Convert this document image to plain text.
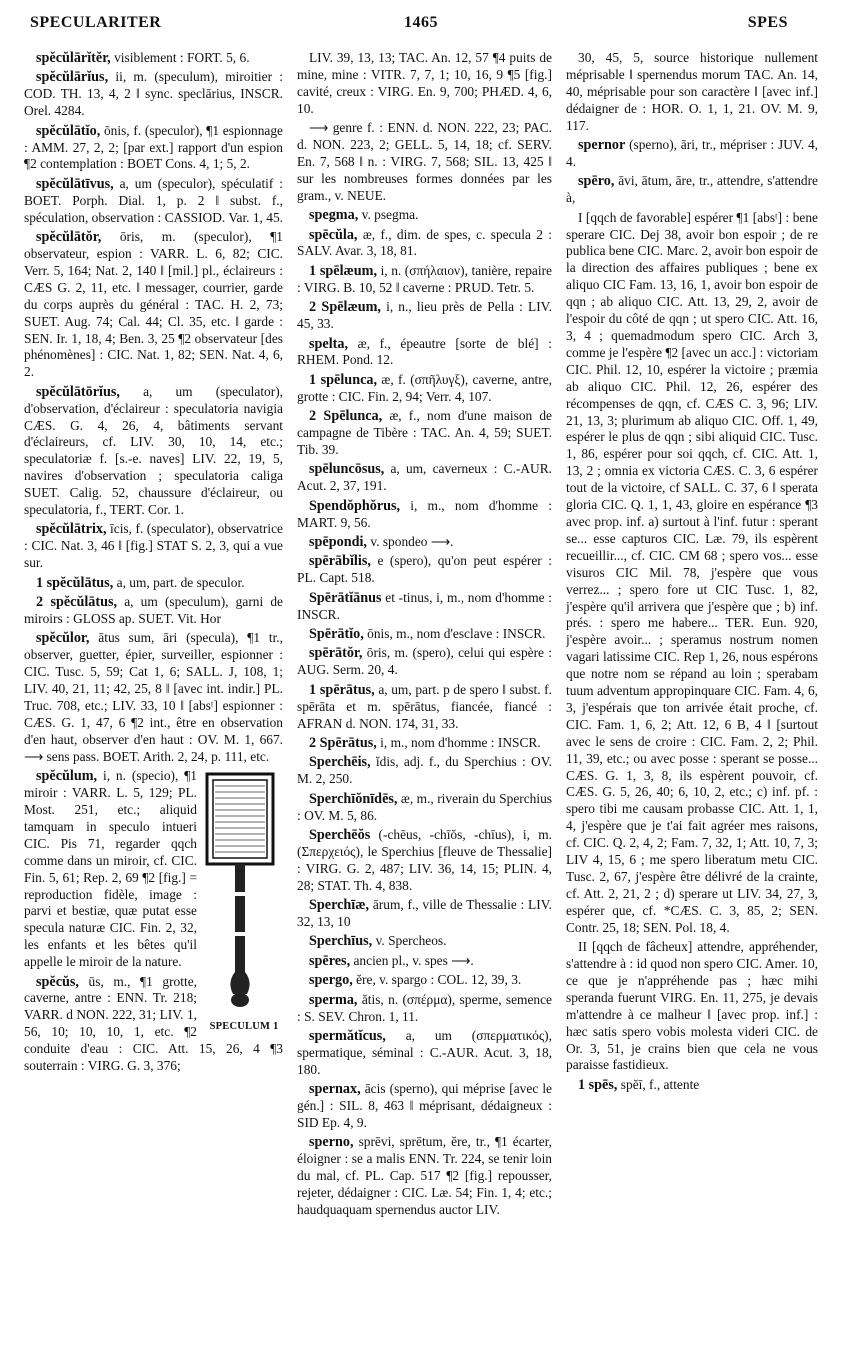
SPECULARITER	1465	SPES

spĕcŭlārĭtĕr, visiblement : FORT. 5, 6.

spĕcŭlārĭus, ii, m. (speculum), miroitier : COD. TH. 13, 4, 2 ‖ sync. speclārius, INSCR. Orel. 4284.

spĕcŭlātĭo, ōnis, f. (speculor), ¶1 espionnage : AMM. 27, 2, 2; [par ext.] rapport d'un espion ¶2 contemplation : BOET Cons. 4, 1; 5, 2.

spĕcŭlātīvus, a, um (speculor), spéculatif : BOET. Porph. Dial. 1, p. 2 ‖ subst. f., spéculation, observation : CASSIOD. Var. 1, 45.

spĕcŭlātŏr, ōris, m. (speculor), ¶1 observateur, espion : VARR. L. 6, 82; CIC. Verr. 5, 164; Nat. 2, 140 ‖ [mil.] pl., éclaireurs : CÆS G. 2, 11, etc. ‖ messager, courrier, garde du corps auprès du général : TAC. H. 2, 73; SUET. Aug. 74; Cal. 44; Cl. 35, etc. ‖ garde : SEN. Ir. 1, 18, 4; Ben. 3, 25 ¶2 observateur [des phénomènes] : CIC. Nat. 1, 82; SEN. Nat. 4, 6, 2.

spĕcŭlātōrĭus, a, um (speculator), d'observation, d'éclaireur : speculatoria navigia CÆS. G. 4, 26, 4, bâtiments servant d'éclaireurs, cf. LIV. 30, 10, 14, etc.; speculatoriæ f. [s.-e. naves] LIV. 22, 19, 5, navires d'observation ; speculatoria caliga SUET. Calig. 52, chaussure d'éclaireur, ou speculatoria, f., TERT. Cor. 1.

spĕcŭlātrix, īcis, f. (speculator), observatrice : CIC. Nat. 3, 46 ‖ [fig.] STAT S. 2, 3, qui a vue sur.

1 spĕcŭlātus, a, um, part. de speculor.

2 spĕcŭlātus, a, um (speculum), garni de miroirs : GLOSS ap. SUET. Vit. Hor

spĕcŭlor, ātus sum, āri (specula), ¶1 tr., observer, guetter, épier, surveiller, espionner : CIC. Tusc. 5, 59; Cat 1, 6; SALL. J, 108, 1; LIV. 40, 21, 11; 42, 25, 8 ‖ [avec int. indir.] PL. Truc. 708, etc.; LIV. 33, 10 ‖ [absᵗ] espionner : CÆS. G. 1, 47, 6 ¶2 int., être en observation d'en haut, observer d'en haut : OV. M. 1, 667. ⟶ sens pass. BOET. Arith. 2, 24, p. 111, etc.

SPECULUM 1
spĕcŭlum, i, n. (specio), ¶1 miroir : VARR. L. 5, 129; PL. Most. 251, etc.; aliquid tamquam in speculo intueri CIC. Pis 71, regarder qqch comme dans un miroir, cf. CIC. Fin. 5, 61; Rep. 2, 69 ¶2 [fig.] = reproduction fidèle, image : parvi et bestiæ, quæ putat esse specula naturæ CIC. Fin. 2, 32, les enfants et les bêtes qu'il appelle le miroir de la nature.

spĕcŭs, ūs, m., ¶1 grotte, caverne, antre : ENN. Tr. 218; VARR. d NON. 222, 31; LIV. 1, 56, 10; 10, 10, 1, etc. ¶2 conduite d'eau : CIC. Att. 15, 26, 4 ¶3 souterrain : VIRG. G. 3, 376;

LIV. 39, 13, 13; TAC. An. 12, 57 ¶4 puits de mine, mine : VITR. 7, 7, 1; 10, 16, 9 ¶5 [fig.] cavité, creux : VIRG. En. 9, 700; PHÆD. 4, 6, 10.

⟶ genre f. : ENN. d. NON. 222, 23; PAC. d. NON. 223, 2; GELL. 5, 14, 18; cf. SERV. En. 7, 568 ‖ n. : VIRG. 7, 568; SIL. 13, 425 ‖ sur les nombreuses formes données par les gram., v. NEUE.

spegma, v. psegma.

spēcŭla, æ, f., dim. de spes, c. specula 2 : SALV. Avar. 3, 18, 81.

1 spēlæum, i, n. (σπήλαιον), tanière, repaire : VIRG. B. 10, 52 ‖ caverne : PRUD. Tetr. 5.

2 Spēlæum, i, n., lieu près de Pella : LIV. 45, 33.

spelta, æ, f., épeautre [sorte de blé] : RHEM. Pond. 12.

1 spēlunca, æ, f. (σπῆλυγξ), caverne, antre, grotte : CIC. Fin. 2, 94; Verr. 4, 107.

2 Spēlunca, æ, f., nom d'une maison de campagne de Tibère : TAC. An. 4, 59; SUET. Tib. 39.

spēluncōsus, a, um, caverneux : C.-AUR. Acut. 2, 37, 191.

Spendŏphŏrus, i, m., nom d'homme : MART. 9, 56.

spēpondi, v. spondeo ⟶.

spērābĭlis, e (spero), qu'on peut espérer : PL. Capt. 518.

Spērātĭānus et -tinus, i, m., nom d'homme : INSCR.

Spērātĭo, ōnis, m., nom d'esclave : INSCR.

spērātŏr, ōris, m. (spero), celui qui espère : AUG. Serm. 20, 4.

1 spērātus, a, um, part. p de spero ‖ subst. f. spērāta et m. spērātus, fiancée, fiancé : AFRAN d. NON. 174, 31, 33.

2 Spērātus, i, m., nom d'homme : INSCR.

Sperchēis, ĭdis, adj. f., du Sperchius : OV. M. 2, 250.

Sperchīŏnīdēs, æ, m., riverain du Sperchius : OV. M. 5, 86.

Sperchēŏs (-chēus, -chīŏs, -chīus), i, m. (Σπερχειός), le Sperchius [fleuve de Thessalie] : VIRG. G. 2, 487; LIV. 36, 14, 15; PLIN. 4, 28; STAT. Th. 4, 838.

Sperchīæ, ārum, f., ville de Thessalie : LIV. 32, 13, 10

Sperchīus, v. Spercheos.

spēres, ancien pl., v. spes ⟶.

spergo, ĕre, v. spargo : COL. 12, 39, 3.

sperma, ătis, n. (σπέρμα), sperme, semence : S. SEV. Chron. 1, 11.

spermătĭcus, a, um (σπερματικός), spermatique, séminal : C.-AUR. Acut. 3, 18, 180.

spernax, ācis (sperno), qui méprise [avec le gén.] : SIL. 8, 463 ‖ méprisant, dédaigneux : SID Ep. 4, 9.

sperno, sprēvi, sprētum, ĕre, tr., ¶1 écarter, éloigner : se a malis ENN. Tr. 224, se tenir loin du mal, cf. PL. Cap. 517 ¶2 [fig.] repousser, rejeter, dédaigner : CIC. Læ. 54; Fin. 1, 4; etc.; haudquaquam spernendus auctor LIV.

30, 45, 5, source historique nullement méprisable ‖ spernendus morum TAC. An. 14, 40, méprisable pour son caractère ‖ [avec inf.] dédaigner de : HOR. O. 1, 1, 21. OV. M. 9, 117.

spernor (sperno), āri, tr., mépriser : JUV. 4, 4.

spēro, āvi, ātum, āre, tr., attendre, s'attendre à,

I [qqch de favorable] espérer ¶1 [absᵗ] : bene sperare CIC. Dej 38, avoir bon espoir ; de re publica bene CIC. Marc. 2, avoir bon espoir de la direction des affaires publiques ; bene ex aliquo CIC Fam. 13, 16, 1, avoir bon espoir de qqn ; ab aliquo CIC. Att. 13, 29, 2, avoir de l'espoir du côté de qqn ; ut spero CIC. Att. 16, 3, 4 ; quemadmodum spero CIC. Arch 3, comme je l'espère ¶2 [avec un acc.] : victoriam CIC. Phil. 12, 10, espérer la victoire ; præmia ab aliquo CIC. Phil. 12, 26, espérer des récompenses de qqn, cf. CÆS C. 3, 96; LIV. 21, 13, 3; plurimum ab aliquo CIC. Off. 1, 49, espérer le plus de qqn ; sibi aliquid CIC. Tusc. 1, 86, espérer pour soi qqch, cf. CIC. Att. 1, 13, 2 ; omnia ex victoria CÆS. C. 3, 6 espérer tout de la victoire, cf SALL. C. 37, 6 ‖ sperata gloria CIC. Q. 1, 1, 43, gloire en espérance ¶3 avec prop. inf. a) surtout à l'inf. futur : sperant se... esse capturos CIC. Læ. 79, ils espèrent recueillir..., cf. CIC. CM 68 ; spero vos... esse visuros CIC Mil. 78, j'espère que vous verrez... ; spero fore ut CIC Tusc. 1, 82, j'espère qu'il arrivera que j'espère que ; b) inf. prés. : spero me habere... TER. Eun. 920, j'espère avoir... ; speramus nostrum nomen vagari latissime CIC. Rep 1, 26, nous espérons que notre nom se répand au loin ; sperabam tuum adventum appropinquare CIC. Fam. 4, 6, 3, j'espérais que ton arrivée était proche, cf. CIC. Fam. 1, 6, 2; Att. 12, 6 B, 4 ‖ [surtout avec le sens de croire : CIC. Fam. 2, 2; Phil. 11, 39, etc.; ou avec posse : sperant se posse... CÆS. G. 1, 3, 8, ils espèrent pouvoir, cf. CÆS. G. 5, 26, 40; 6, 10, 2, etc.; c) inf. pf. : spero tibi me causam probasse CIC. Att. 1, 1, 4, j'espère que je t'ai fait agréer mes raisons, cf. CIC. Q. 2, 4, 2; Fam. 7, 32, 1; Att. 10, 7, 3; LIV 4, 15, 6 ; me spero liberatum metu CIC. Tusc. 2, 67, j'espère être délivré de la crainte, cf. Att. 2, 21, 2 ; d) sperare ut LIV. 34, 27, 3, espérer que, cf. *CÆS. C. 3, 85, 2; SEN. Contr. 25, 18; SEN. Pol. 18, 4.

II [qqch de fâcheux] attendre, appréhender, s'attendre à : id quod non spero CIC. Amer. 10, ce que je n'appréhende pas ; hæc mihi speranda fuerunt VIRG. En. 11, 275, je devais m'attendre à ce malheur ‖ [avec prop. inf.] : hæc satis spero vobis molesta videri CIC. de Or. 3, 51, je crains bien que cela ne vous paraisse fastidieux.

1 spēs, spĕī, f., attente
